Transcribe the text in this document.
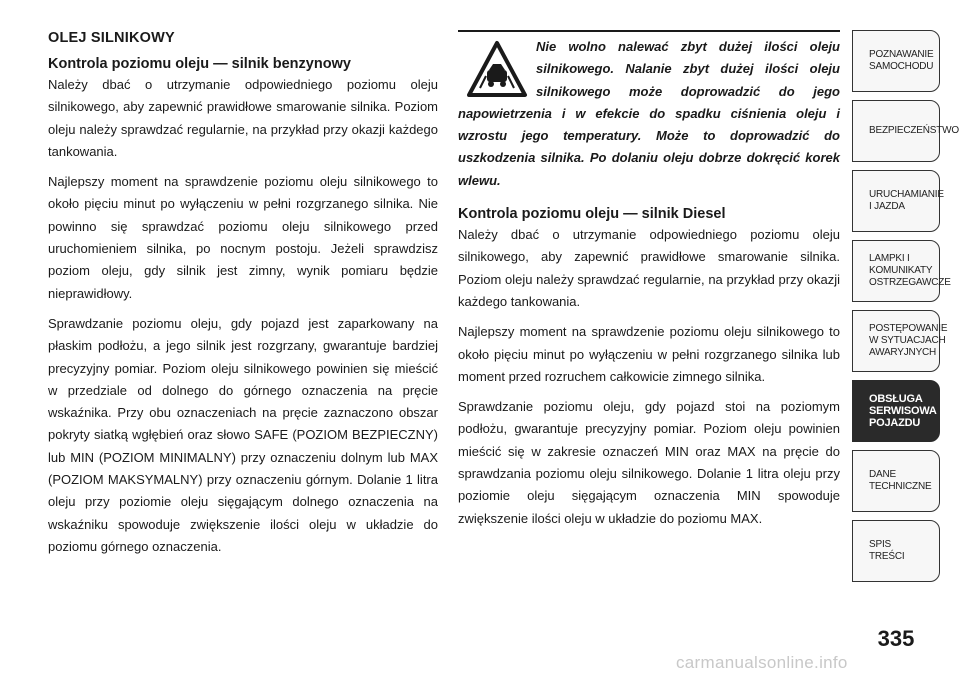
OLEJ SILNIKOWY
Kontrola poziomu oleju — silnik benzynowy

Należy dbać o utrzymanie odpowiedniego poziomu oleju silnikowego, aby zapewnić prawidłowe smarowanie silnika. Poziom oleju należy sprawdzać regularnie, na przykład przy okazji każdego tankowania.

Najlepszy moment na sprawdzenie poziomu oleju silnikowego to około pięciu minut po wyłączeniu w pełni rozgrzanego silnika. Nie powinno się sprawdzać poziomu oleju silnikowego przed uruchomieniem silnika, po nocnym postoju. Jeżeli sprawdzisz poziom oleju, gdy silnik jest zimny, wynik pomiaru będzie nieprawidłowy.

Sprawdzanie poziomu oleju, gdy pojazd jest zaparkowany na płaskim podłożu, a jego silnik jest rozgrzany, gwarantuje bardziej precyzyjny pomiar. Poziom oleju silnikowego powinien się mieścić w przedziale od dolnego do górnego oznaczenia na pręcie wskaźnika. Przy obu oznaczeniach na pręcie zaznaczono obszar pokryty siatką wgłębień oraz słowo SAFE (POZIOM BEZPIECZNY) lub MIN (POZIOM MINIMALNY) przy oznaczeniu dolnym lub MAX (POZIOM MAKSYMALNY) przy oznaczeniu górnym. Dolanie 1 litra oleju przy poziomie oleju sięgającym dolnego oznaczenia na wskaźniku spowoduje zwiększenie ilości oleju w układzie do poziomu górnego oznaczenia.

Nie wolno nalewać zbyt dużej ilości oleju silnikowego. Nalanie zbyt dużej ilości oleju silnikowego może doprowadzić do jego napowietrzenia i w efekcie do spadku ciśnienia oleju i wzrostu jego temperatury. Może to doprowadzić do uszkodzenia silnika. Po dolaniu oleju dobrze dokręcić korek wlewu.

Kontrola poziomu oleju — silnik Diesel

Należy dbać o utrzymanie odpowiedniego poziomu oleju silnikowego, aby zapewnić prawidłowe smarowanie silnika. Poziom oleju należy sprawdzać regularnie, na przykład przy okazji każdego tankowania.

Najlepszy moment na sprawdzenie poziomu oleju silnikowego to około pięciu minut po wyłączeniu w pełni rozgrzanego silnika lub moment przed rozruchem całkowicie zimnego silnika.

Sprawdzanie poziomu oleju, gdy pojazd stoi na poziomym podłożu, gwarantuje precyzyjny pomiar. Poziom oleju powinien mieścić się w zakresie oznaczeń MIN oraz MAX na pręcie do sprawdzania poziomu oleju silnikowego. Dolanie 1 litra oleju przy poziomie oleju sięgającym oznaczenia MIN spowoduje zwiększenie ilości oleju w układzie do poziomu MAX.

POZNAWANIE
SAMOCHODU
BEZPIECZEŃSTWO
URUCHAMIANIE
I JAZDA
LAMPKI I
KOMUNIKATY
OSTRZEGAWCZE
POSTĘPOWANIE
W SYTUACJACH
AWARYJNYCH
OBSŁUGA
SERWISOWA
POJAZDU
DANE
TECHNICZNE
SPIS
TREŚCI
335
carmanualsonline.info
